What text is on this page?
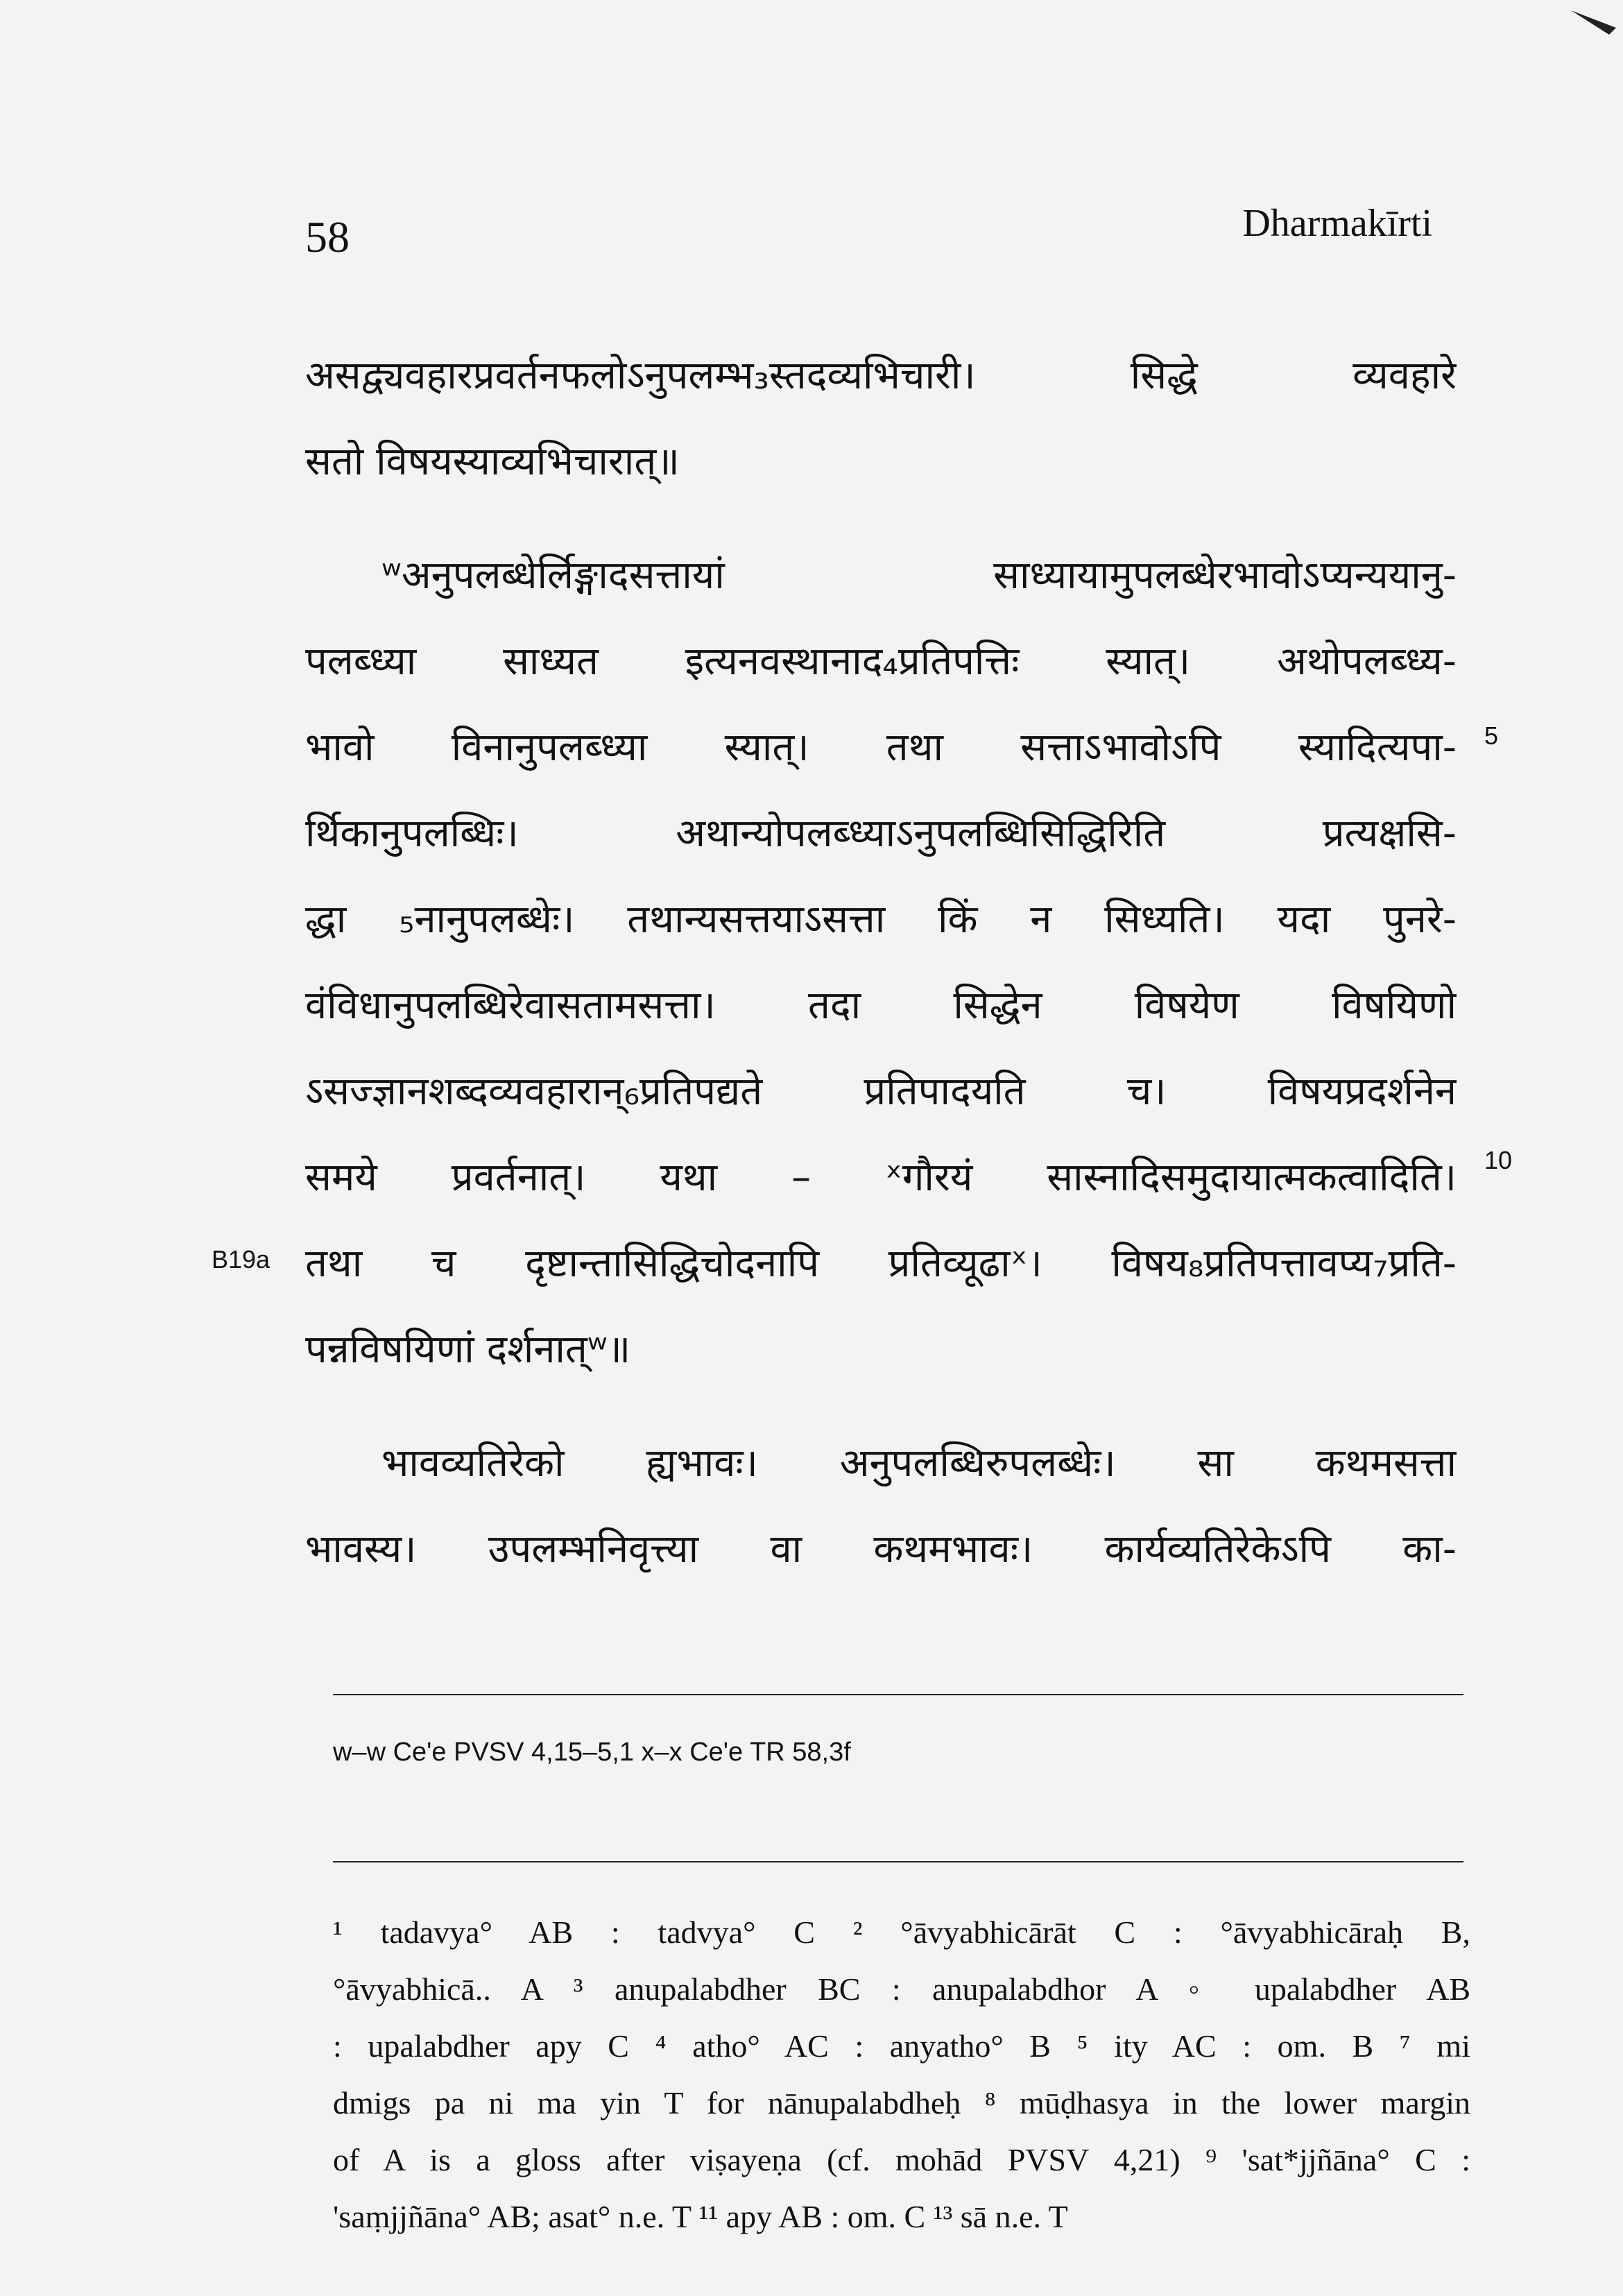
58	Dharmakīrti
असद्व्यवहारप्रवर्तनफलोऽनुपलम्भ₃स्तदव्यभिचारी। सिद्धे व्यवहारे
सतो विषयस्याव्यभिचारात्॥
ʷअनुपलब्धेर्लिङ्गादसत्तायां साध्यायामुपलब्धेरभावोऽप्यन्ययानु-
पलब्ध्या साध्यत इत्यनवस्थानाद₄प्रतिपत्तिः स्यात्। अथोपलब्ध्य-
भावो विनानुपलब्ध्या स्यात्। तथा सत्ताऽभावोऽपि स्यादित्यपा-
र्थिकानुपलब्धिः। अथान्योपलब्ध्याऽनुपलब्धिसिद्धिरिति प्रत्यक्षसि-
द्धा ₅नानुपलब्धेः। तथान्यसत्तयाऽसत्ता किं न सिध्यति। यदा पुनरे-
वंविधानुपलब्धिरेवासतामसत्ता। तदा सिद्धेन विषयेण विषयिणो
ऽसज्ज्ञानशब्दव्यवहारान्₆प्रतिपद्यते प्रतिपादयति च। विषयप्रदर्शनेन
समये प्रवर्तनात्। यथा – ˣगौरयं सास्नादिसमुदायात्मकत्वादिति।
तथा च दृष्टान्तासिद्धिचोदनापि प्रतिव्यूढाˣ। विषय₈प्रतिपत्तावप्य₇प्रति-
पन्नविषयिणां दर्शनात्ʷ॥
भावव्यतिरेको ह्यभावः। अनुपलब्धिरुपलब्धेः। सा कथमसत्ता
भावस्य। उपलम्भनिवृत्त्या वा कथमभावः। कार्यव्यतिरेकेऽपि का-
5
10
B19a
w–w Ce'e PVSV 4,15–5,1 x–x Ce'e TR 58,3f
¹ tadavya° AB : tadvya° C ² °āvyabhicārāt C : °āvyabhicāraḥ B,
°āvyabhicā.. A ³ anupalabdher BC : anupalabdhor A ◦ upalabdher AB
: upalabdher apy C ⁴ atho° AC : anyatho° B ⁵ ity AC : om. B ⁷ mi
dmigs pa ni ma yin T for nānupalabdheḥ ⁸ mūḍhasya in the lower margin
of A is a gloss after viṣayeṇa (cf. mohād PVSV 4,21) ⁹ 'sat*jjñāna° C :
'saṃjjñāna° AB; asat° n.e. T ¹¹ apy AB : om. C ¹³ sā n.e. T
